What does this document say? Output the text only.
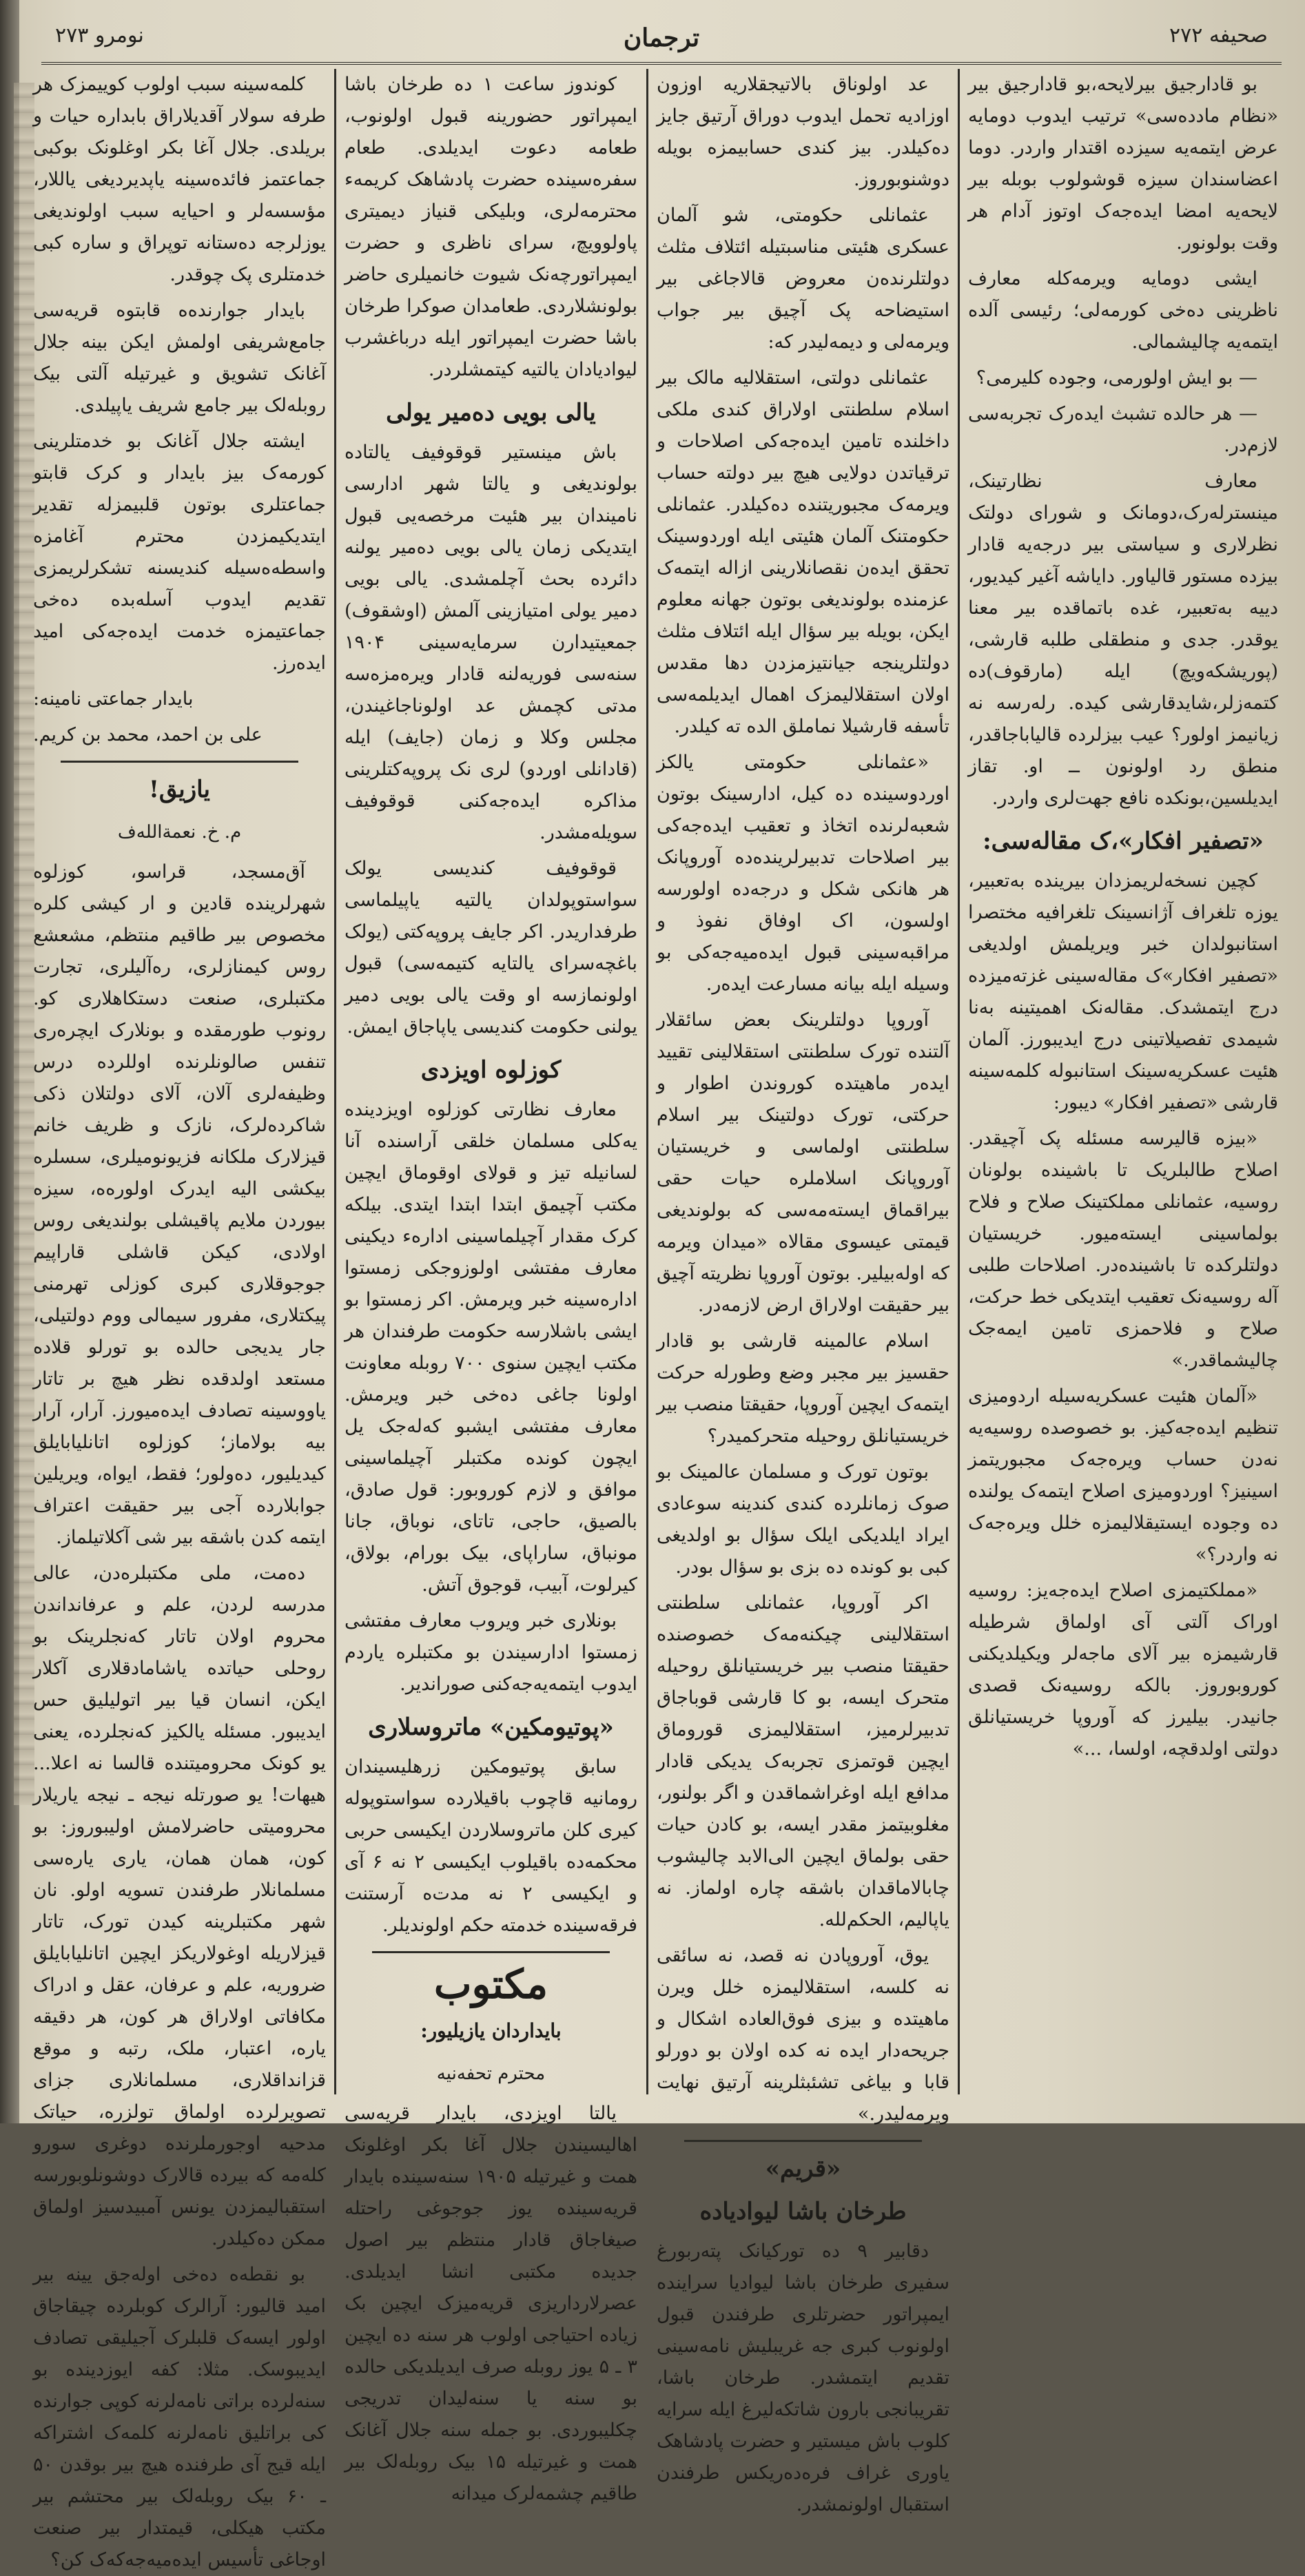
صحیفه ۲۷۲
ترجمان
نومرو ۲۷۳

بو قادارجیق بیرلایحه،بو قادارجیق بیر «نظام مادده‌سی» ترتیب ایدوب دومایه عرض ایتمه‌یه سیزده اقتدار واردر. دوما اعضاسندان سیزه قوشولوب بوبله بیر لایحه‌یه امضا ایده‌جه‌ک اوتوز آدام هر وقت بولونور.

ایشی دومایه ویرمه‌کله معارف ناظرینی ده‌خی کورمه‌لی؛ رئیسی آلده ایتمه‌یه چالیشمالی.

— بو ایش اولورمی، وجوده کلیرمی؟

— هر حالده تشبث ایده‌رک تجربه‌سی لازم‌در.

معارف نظارتینک، مینستر‌له‌رک،دومانک و شورای دولتک نظرلاری و سیاستی بیر درجه‌یه قادار بیزده مستور قالیاور. دایاشه آغیر کیدیور، دییه به‌تعبیر، غده باتماقده بیر معنا یوقدر. جدی و منطقلی طلبه قارشی، (پوریشکه‌ویچ) ایله (مارقوف)ده کتمه‌زلر،شایدقارشی کیده. رله‌رسه نه زیانیمز اولور؟ عیب بیزلرده قالیاباجاقدر، منطق رد اولونون ــ او. تقاز ایدیلسین،بونکده نافع جهت‌لری واردر.

«تصفیر افکار»،ک مقاله‌سی:

کچین نسخه‌لریمزدان بیرینده به‌تعبیر، یوزه تلغراف آژانسینک تلغرافیه مختصرا استانبولدان خبر ویریلمش اولدیغی «تصفیر افکار»ک مقاله‌سینی غزته‌میزده درج ایتمشدک. مقاله‌نک اهمیتینه به‌نا شیمدی تفصیلاتینی درج ایدیبورز. آلمان هئیت عسکریه‌سینک استانبوله کلمه‌سینه قارشی «تصفیر افکار» دیبور:

«بیزه قالیرسه مسئله پک آچیقدر. اصلاح طالبلریک تا باشینده بولونان روسیه، عثمانلی مملکتینک صلاح و فلاح بولماسینی ایسته‌میور. خریستیان دولتلرکده تا باشینده‌در. اصلاحات طلبی آله روسیه‌نک تعقیب ایتدیکی خط حرکت، صلاح و فلاحمزی تامین ایمه‌جک چالیشماقدر.»

«آلمان هئیت عسکریه‌سیله اردومیزی تنظیم ایده‌جه‌کیز. بو خصوصده روسیه‌یه نه‌دن حساب ویره‌جه‌ک مجبوریتمز اسینیز؟ اوردومیزی اصلاح ایتمه‌ک یولنده ده‌ وجوده ایستیقلالیمزه خلل ویره‌جه‌ک نه واردر؟»

«مملکتیمزی اصلاح ایده‌جه‌یز: روسیه اوراک آلتی آی اولماق شرطیله قارشیمزه بیر آلای ماجه‌لر ویکیلدیکنی کوروبوروز. بالکه روسیه‌نک قصدی جانیدر. بیلیرز که آوروپا خریستیانلق دولتی اولدقچه، اولسا، ...»

عد اولوناق بالاتیجقلاریه اوزون اوزادیه تحمل ایدوب دوراق آرتیق جایز ده‌کیلدر. بیز کندی حسابیمزه بویله دوشنوبوروز.

عثمانلی حکومتی، شو آلمان عسکری هئیتی مناسبتیله ائتلاف مثلث دولتلرنده‌ن معروض قالاجاغی بیر استیضاحه پک آچیق بیر جواب ویرمه‌لی و دیمه‌لیدر که:

عثمانلی دولتی، استقلالیه مالک بیر اسلام سلطنتی اولاراق کندی ملکی داخلنده تامین ایده‌جه‌کی اصلاحات و ترقیاتدن دولایی هیچ بیر دولته حساب ویرمه‌ک مجبوریتنده ده‌کیلدر. عثمانلی حکومتنک آلمان هئیتی ایله اوردوسینک تحقق ایده‌ن نقصانلارینی ازاله ایتمه‌ک عزمنده بولوندیغی بوتون جهانه معلوم ایکن، بویله بیر سؤال ایله ائتلاف مثلث دولتلرینجه جیانتیزمزدن دها مقدس اولان استقلالیمزک اهمال ایدیلمه‌سی تأسفه قارشیلا نماملق الده ته کیلدر.

«عثمانلی حکومتی یالکز اوردوسینده ده کیل، ادارسینک بوتون شعبه‌لرنده اتخاذ و تعقیب ایده‌جه‌کی بیر اصلاحات تدبیرلرینده‌ده آوروپانک هر هانکی شکل و درجه‌ده اولورسه اولسون، اک اوفاق نفوذ و مراقبه‌سینی قبول ایده‌میه‌جه‌کی بو وسیله ایله بیانه مسارعت ایده‌ر.

آوروپا دولتلرینک بعض سائقلار آلتنده تورک سلطنتی استقلالینی تقیید ایده‌ر ماهیتده کوروندن اطوار و حرکتی، تورک دولتینک بیر اسلام سلطنتی اولماسی و خریستیان آوروپانک اسلاملره حیات حقی بیراقماق ایسته‌مه‌سی که بولوندیغی قیمتی عیسوی مقالاه «میدان ویرمه که اوله‌بیلیر. بوتون آوروپا نظریته آچیق بیر حقیقت اولاراق ارض لازمه‌در.

اسلام عالمینه قارشی بو قادار حقسیز بیر مجبر وضع وطورله حرکت ایتمه‌ک ایچین آوروپا، حقیقتا منصب بیر خریستیانلق روحیله متحرکمیدر؟

بوتون تورک و مسلمان عالمینک بو صوک زمانلرده کندی کندینه سوعادی ایراد ایلدیکی ایلک سؤال بو اولدیغی کبی بو کونده ده بزی بو سؤال بودر.

اکر آوروپا، عثمانلی سلطنتی استقلالینی چیکنه‌مه‌ک خصوصنده حقیقتا منصب بیر خریستیانلق روحیله متحرک ایسه، بو کا قارشی قوباجاق تدبیرلرمیز، استقلالیمزی قوروماق ایچین قوتمزی تجربه‌ک یدیکی قادار مدافع ایله اوغراشماقدن و اگر بولنور، مغلوبیتمز مقدر ایسه، بو کادن حیات حقی بولماق ایچین الی‌الابد چالیشوب چابالاماقدان باشقه چاره اولماز. نه یاپالیم، الحکم‌لله.

یوق، آوروپادن نه قصد، نه سائقی نه کلسه، استقلالیمزه خلل ویرن ماهیتده و بیزی فوق‌العاده اشکال و جریحه‌دار ایده نه کده اولان بو دورلو قابا و بیاغی تشئبثلرینه آرتیق نهایت ویرمه‌لیدر.»

«قریم»
طرخان باشا لیواد‌یاده

دقابیر ۹ ده تورکیانک پته‌ربورغ سفیری طرخان باشا لیوادیا سراینده ایمپراتور حضرتلری طرفندن قبول اولونوب کبری جه غریبلیش نامه‌سینی تقدیم ایتمشدر. طرخان باشا، تقریبا‌نجی بارون شاتکه‌لیرغ ایله سرایه کلوب باش میستیر و حضرت پادشاهک یاوری غراف فره‌ده‌ریکس طرفندن استقبال اولونمشدر.

کوندوز ساعت ۱ ده طرخان باشا ایمپراتور حضورینه قبول اولونوب، طعامه دعوت ایدیلدی. طعام سفره‌سینده حضرت پادشاهک کریمه‌ء محترمه‌لری، وبلیکی قنیاز دیمیتری پاولوویچ، سرای ناظری و حضرت ایمپراتورچه‌نک شیوت خانمیلری حاضر بولونشلاردی. طعامدان صوکرا طرخان باشا حضرت ایمپراتور ایله درباغشرب لیواد‌یادان یالتیه کیتمشلردر.

یالی بویی ده‌میر یولی

باش مینستیر قوقوفیف یالتاده بولوندیغی و یالتا شهر ادارسی نامیندان بیر هئیت مرخصه‌یی قبول ایتدیکی زمان یالی بویی ده‌میر یولنه دائرده بحث آچلمشدی. یالی بویی دمیر یولی امتیازینی آلمش (اوشقوف) جمعیتیدارن سرمایه‌سینی ۱۹۰۴ سنه‌سی فوریه‌لنه قادار ویره‌مزه‌سه مدتی کچمش عد اولوناجاغیندن، مجلس وکلا و زمان (جایف) ایله (قادانلی اوردو) لری نک پروپه‌کتلرینی مذاکره ایده‌جه‌کنی قوقوفیف سویله‌مشدر.

قوقوفیف کندیسی یولک سواستوپولدان یالتیه یاپیلماسی طرفداریدر. اکر جایف پروپه‌کتی (یولک باغچه‌سرای یالتایه کتیمه‌سی) قبول اولونمازسه او وقت یالی بویی دمیر یولنی حکومت کندیسی یاپاجاق ایمش.

کوزلوه اویزدی

معارف نظارتی کوزلوه اویزدینده یه‌کلی مسلمان خلقی آراسنده آنا لسانیله تیز و قولای اوقوماق ایچین مکتب آچیمق ابتدا ابتدا ایتدی. بیلکه کرک مقدار آچیلماسینی اداره‌ء دیکینی معارف مفتشی اولوزوجکی زمستوا اداره‌سینه خبر ویرمش. اکر زمستوا بو ایشی باشلارسه حکومت طرفندان هر مکتب ایچین سنوی ۷۰۰ روبله معاونت اولونا جاغی ده‌خی خبر ویرمش. معارف مفتشی ایشبو که‌له‌جک یل ایچون کونده مکتبلر آچیلماسینی موافق و لازم کوروبور: قول صادق، بالصیق، حاجی، تاتای، نوباق، جانا مونباق، ساراپای، بیک بورام، بولاق، کیرلوت، آبیب، قوجوق آتش.

بونلاری خبر ویروب معارف مفتشی زمستوا ادارسیندن بو مکتبلره یاردم ایدوب ایتمه‌یه‌جه‌کنی صوراندیر.

«پوتیومکین» ماتروسلاری

سابق پوتیومکین زرهلیسیندان رومانیه قاچوب باقیلارده سواستوپوله کیری کلن ماتروسلاردن ایکیسی حربی محکمه‌ده باقیلوب ایکیسی ۲ نه ۶ آی و ایکیسی ۲ نه مدت‌ه آرستنت فرقه‌سینده خدمته حکم اولوندیلر.

مکتوب
بایداردان یازیلیور:
محترم تحفه‌نیه

یالتا اویزدی، بایدار قریه‌سی اهالیسیندن جلال آغا بکر اوغلونک همت و غیرتیله ۱۹۰۵ سنه‌سینده بایدار قریه‌سینده یوز جوجوغی راحتله صیغاجاق قادار منتظم بیر اصول جدیده مکتبی انشا ایدیلدی. عصرلارداریزی قریه‌میزک ایچین بک زیاده احتیاجی اولوب هر سنه ده ایچین ۳ ـ ۵ یوز روبله صرف ایدیلدیکی حالده بو سنه یا سنه‌لیدان تدریجی چکلیبوردی. بو جمله سنه جلال آغانک همت و غیرتیله ۱۵ بیک روبله‌لک بیر طاقیم چشمه‌لرک میدانه

کلمه‌سینه سبب اولوب کوییمزک هر طرفه سولار آقدیلاراق بابداره حیات و بریلدی. جلال آغا بکر اوغلونک بوکبی جماعتمز فائده‌سینه یاپدیردیغی یاللار، مؤسسه‌لر و احیایه سبب اولوندیغی یوزلرجه ده‌ستانه توپراق و ساره کبی خدمتلری پک چوقدر.

بایدار جوارنده‌ه قابتوه قریه‌سی جامع‌شریفی اولمش ایکن بینه جلال آغانک تشویق و غیرتیله آلتی بیک روبله‌لک بیر جامع شریف یاپیلدی.

ایشته جلال آغانک بو خدمتلرینی کورمه‌ک بیز بایدار و کرک قابتو جماعتلری بوتون قلبیمزله تقدیر ایتدیکیمزدن محترم آغامزه واسطه‌ه‌سیله کندیسنه تشکرلریمزی تقدیم ایدوب آسله‌بده ده‌خی جماعتیمزه خدمت ایده‌جه‌کی امید ایده‌رز.

بایدار جماعتی نامینه:
علی بن احمد، محمد بن کریم.
یازیق!
م. خ. نعمةالله‌ف

آق‌مسجد، قراسو، کوزلوه شهرلرینده قادین و ار کیشی کلره مخصوص بیر طاقیم منتظم، مشعشع روس کیمنازلری، ره‌آلیلری، تجارت مکتبلری، صنعت دستکاهلاری کو. رونوب طورمقده و بونلارک ایچره‌ری تنفس صالونلرنده اوللرده درس وظیفه‌لری آلان، آلای دولتلان ذکی شاکرده‌لرک، نازک و ظریف خانم قیزلارک ملکانه فزیونومیلری، سسلره بیکشی الیه ایدرک اولوره‌ه، سیزه بیوردن ملایم پاقیشلی بولندیغی روس اولادی، کیکن قاشلی قاراپیم جوجوقلاری کبری کوزلی تهرمنی پیکتلاری، مفرور سیمالی ووم دولتیلی، جار یدیجی حالده بو تورلو قلاده مستعد اولدقده نظر هیچ بر تاتار یاووسینه تصادف ایده‌میورز. آرار، آرار بیه بولاماز؛ کوزلوه اتانلیابایلق کیدیلیور، ده‌ولور؛ فقط، ایواه، ویریلین جوابلارده آجی بیر حقیقت اعتراف ایتمه کدن باشقه بیر شی آکلاتیلماز.

ده‌مت، ملی مکتبلره‌دن، عالی مدرسه لردن، علم و عرفانداندن محروم اولان تاتار که‌نجلرینک بو روحلی حیاتده یاشامادقلاری آکلار ایکن، انسان قیا بیر اتولیلیق حس ایدیبور. مسئله یالکیز که‌نجلرده، یعنی یو کونک محرومیتنده قالسا نه اعلا... هیهات! یو صورتله نیجه ـ نیجه یاریلار محرومیتی حاضرلامش اولیبوروز: بو کون، همان همان، یاری یاره‌سی مسلمانلار طرفندن تسویه اولو. نان شهر مکتبلرینه کیدن تورک، تاتار قیزلاریله اوغولاریکز ایچین اتانلیابایلق ضروریه، علم و عرفان، عقل و ادراک مکافاتی اولاراق هر کون، هر دقیقه یاره، اعتبار، ملک، رتبه و موقع قزانداقلاری، مسلمانلاری جزای تصویرلرده اولماق تولزره، حیاتک مدحیه اوجورملرنده دوغری سورو کله‌مه که بیرده قالارک دوشونلوبورسه استقبالیمزدن یونس آمبیدسیز اولماق ممکن ده‌کیلدر.

بو نقطه‌ه ده‌خی اوله‌جق یینه بیر امید قالیور: آرالرک کوبلرده چیقاجاق اولور ایسه‌ک قلبلرک آجیلیقی تصادف ایدیبوسک. مثلا: کفه ایوزدینده بو سنه‌لرده براتی نامه‌لرنه کوپی جوارنده کی براتلیق نامه‌لرنه کلمه‌ک اشتراکه ایله قیج آی طرفنده هیچ بیر بوقدن ۵۰ ـ ۶۰ بیک روبله‌لک بیر محتشم بیر مکتب هیکلی، قیمتدار بیر صنعت اوجاغی تأسیس ایده‌میه‌جه‌که‌ک کن؟
